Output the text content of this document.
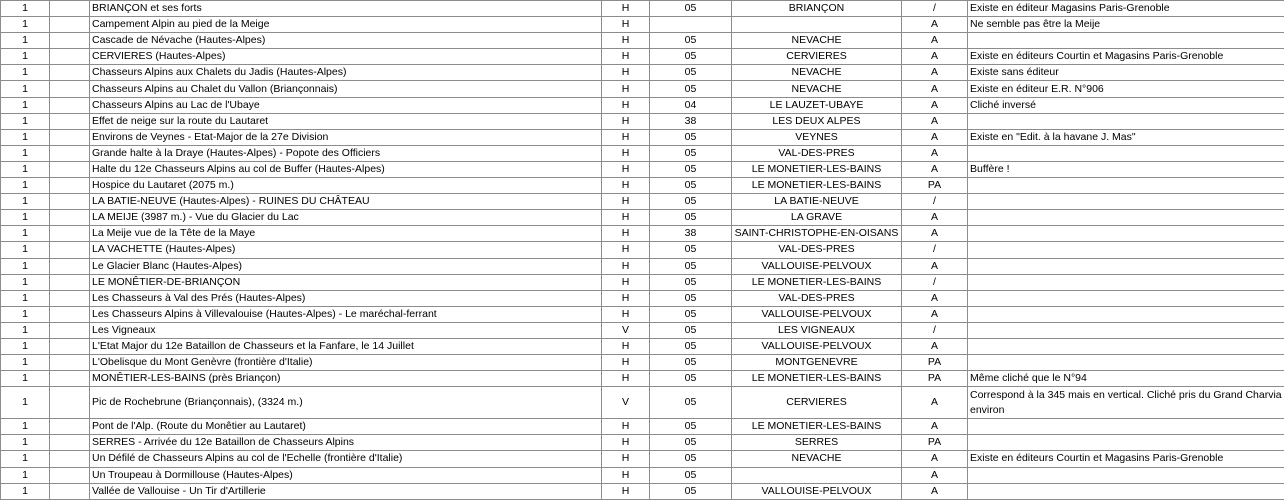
1		BRIANÇON et ses forts	H	05	BRIANÇON	/	Existe en éditeur Magasins Paris-Grenoble
1		Campement Alpin au pied de la Meige	H			A	Ne semble pas être la Meije
1		Cascade de Névache (Hautes-Alpes)	H	05	NEVACHE	A	
1		CERVIERES (Hautes-Alpes)	H	05	CERVIERES	A	Existe en éditeurs Courtin et Magasins Paris-Grenoble
1		Chasseurs Alpins aux Chalets du Jadis (Hautes-Alpes)	H	05	NEVACHE	A	Existe sans éditeur
1		Chasseurs Alpins au Chalet du Vallon (Briançonnais)	H	05	NEVACHE	A	Existe en éditeur E.R. N°906
1		Chasseurs Alpins au Lac de l'Ubaye	H	04	LE LAUZET-UBAYE	A	Cliché inversé
1		Effet de neige sur la route du Lautaret	H	38	LES DEUX ALPES	A	
1		Environs de Veynes - Etat-Major de la 27e Division	H	05	VEYNES	A	Existe en "Edit. à la havane J. Mas"
1		Grande halte à la Draye (Hautes-Alpes) - Popote des Officiers	H	05	VAL-DES-PRES	A	
1		Halte du 12e Chasseurs Alpins au col de Buffer (Hautes-Alpes)	H	05	LE MONETIER-LES-BAINS	A	Buffère !
1		Hospice du Lautaret (2075 m.)	H	05	LE MONETIER-LES-BAINS	PA	
1		LA BATIE-NEUVE (Hautes-Alpes) - RUINES DU CHÂTEAU	H	05	LA BATIE-NEUVE	/	
1		LA MEIJE (3987 m.) - Vue du Glacier du Lac	H	05	LA GRAVE	A	
1		La Meije vue de la Tête de la Maye	H	38	SAINT-CHRISTOPHE-EN-OISANS	A	
1		LA VACHETTE (Hautes-Alpes)	H	05	VAL-DES-PRES	/	
1		Le Glacier Blanc (Hautes-Alpes)	H	05	VALLOUISE-PELVOUX	A	
1		LE MONÊTIER-DE-BRIANÇON	H	05	LE MONETIER-LES-BAINS	/	
1		Les Chasseurs à Val des Prés (Hautes-Alpes)	H	05	VAL-DES-PRES	A	
1		Les Chasseurs Alpins à Villevalouise (Hautes-Alpes) - Le maréchal-ferrant	H	05	VALLOUISE-PELVOUX	A	
1		Les Vigneaux	V	05	LES VIGNEAUX	/	
1		L'Etat Major du 12e Bataillon de Chasseurs et la Fanfare, le 14 Juillet	H	05	VALLOUISE-PELVOUX	A	
1		L'Obelisque du Mont Genèvre (frontière d'Italie)	H	05	MONTGENEVRE	PA	
1		MONÊTIER-LES-BAINS (près Briançon)	H	05	LE MONETIER-LES-BAINS	PA	Même cliché que le N°94
1		Pic de Rochebrune (Briançonnais), (3324 m.)	V	05	CERVIERES	A	Correspond à la 345 mais en vertical. Cliché pris du Grand Charvia environ
1		Pont de l'Alp. (Route du Monêtier au Lautaret)	H	05	LE MONETIER-LES-BAINS	A	
1		SERRES - Arrivée du 12e Bataillon de Chasseurs Alpins	H	05	SERRES	PA	
1		Un Défilé de Chasseurs Alpins au col de l'Echelle (frontière d'Italie)	H	05	NEVACHE	A	Existe en éditeurs Courtin et Magasins Paris-Grenoble
1		Un Troupeau à Dormillouse (Hautes-Alpes)	H	05		A	
1		Vallée de Vallouise - Un Tir d'Artillerie	H	05	VALLOUISE-PELVOUX	A	
